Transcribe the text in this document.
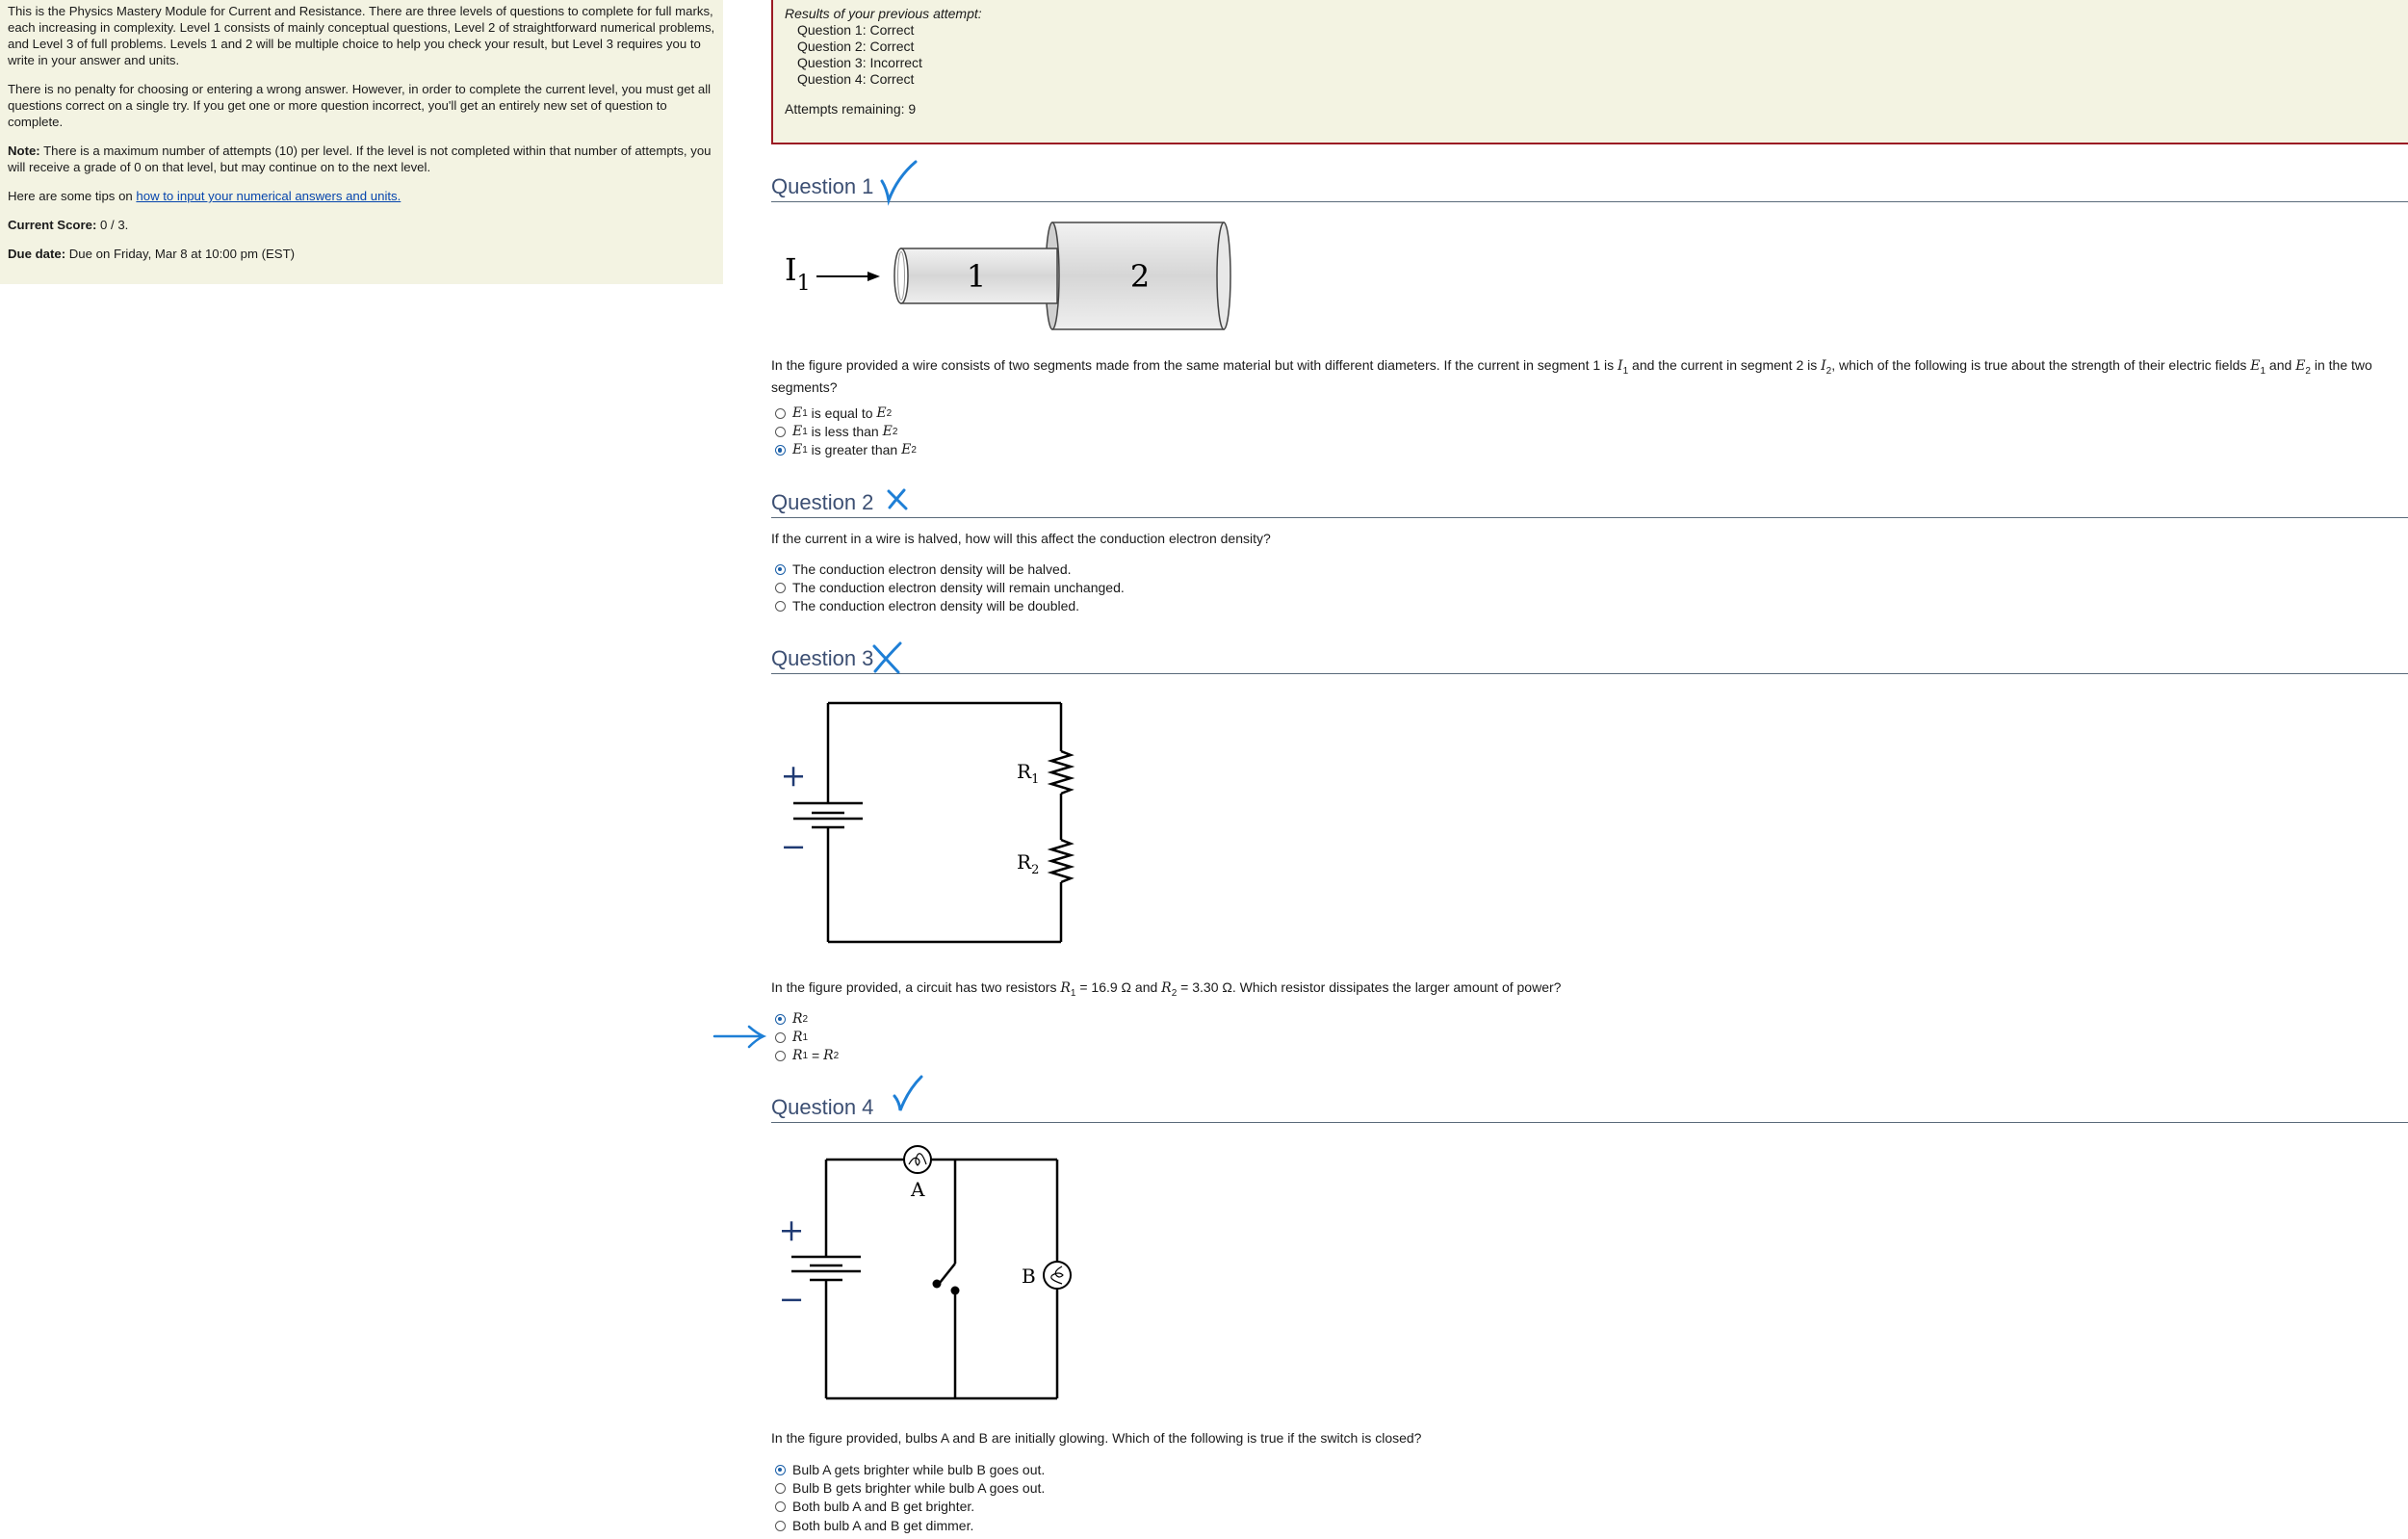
This is the Physics Mastery Module for Current and Resistance. There are three levels of questions to complete for full marks, each increasing in complexity. Level 1 consists of mainly conceptual questions, Level 2 of straightforward numerical problems, and Level 3 of full problems. Levels 1 and 2 will be multiple choice to help you check your result, but Level 3 requires you to write in your answer and units.

There is no penalty for choosing or entering a wrong answer. However, in order to complete the current level, you must get all questions correct on a single try. If you get one or more question incorrect, you'll get an entirely new set of question to complete.

Note: There is a maximum number of attempts (10) per level. If the level is not completed within that number of attempts, you will receive a grade of 0 on that level, but may continue on to the next level.

Here are some tips on how to input your numerical answers and units.

Current Score: 0 / 3.

Due date: Due on Friday, Mar 8 at 10:00 pm (EST)

Results of your previous attempt:
Question 1: Correct
Question 2: Correct
Question 3: Incorrect
Question 4: Correct
Attempts remaining: 9
Question 1
$I_1$	1	2
In the figure provided a wire consists of two segments made from the same material but with different diameters. If the current in segment 1 is $I_1$ and the current in segment 2 is $I_2$, which of the following is true about the strength of their electric fields $E_1$ and $E_2$ in the two segments?
E 1 is equal to E 2
E 1 is less than E 2
E 1 is greater than E 2
Question 2
If the current in a wire is halved, how will this affect the conduction electron density?
The conduction electron density will be halved.
The conduction electron density will remain unchanged.
The conduction electron density will be doubled.
Question 3
+
−
$R_1$
$R_2$
In the figure provided, a circuit has two resistors $R_1 = 16.9$ Ω and $R_2 = 3.30$ Ω. Which resistor dissipates the larger amount of power?
R 2
R 1
R 1 = R 2
Question 4
A
B
+
−
In the figure provided, bulbs A and B are initially glowing. Which of the following is true if the switch is closed?
Bulb A gets brighter while bulb B goes out.
Bulb B gets brighter while bulb A goes out.
Both bulb A and B get brighter.
Both bulb A and B get dimmer.
